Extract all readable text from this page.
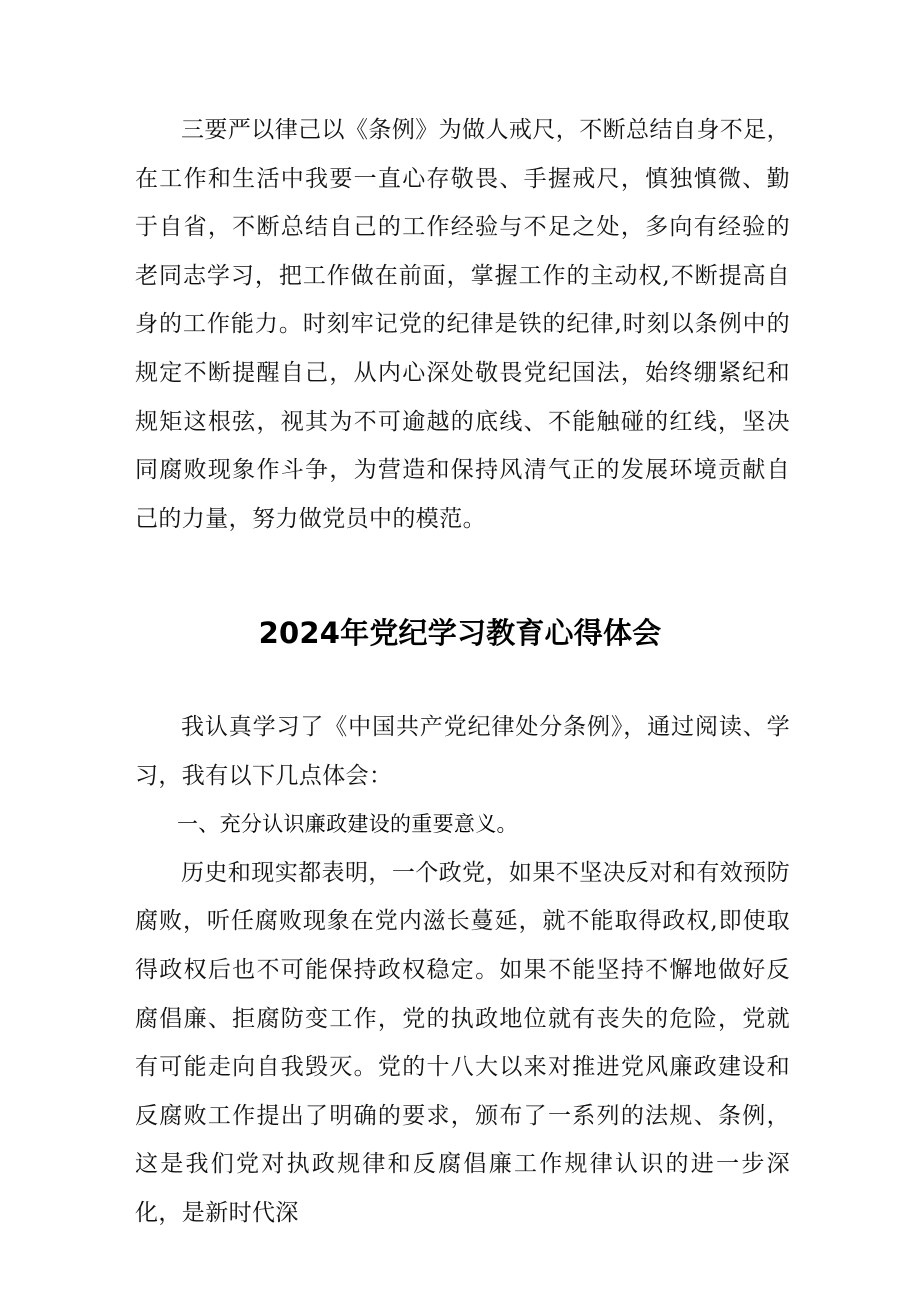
三要严以律己以《条例》为做人戒尺，不断总结自身不足，在工作和生活中我要一直心存敬畏、手握戒尺，慎独慎微、勤于自省，不断总结自己的工作经验与不足之处，多向有经验的老同志学习，把工作做在前面，掌握工作的主动权,不断提高自身的工作能力。时刻牢记党的纪律是铁的纪律,时刻以条例中的规定不断提醒自己，从内心深处敬畏党纪国法，始终绷紧纪和规矩这根弦，视其为不可逾越的底线、不能触碰的红线，坚决同腐败现象作斗争，为营造和保持风清气正的发展环境贡献自己的力量，努力做党员中的模范。

2024年党纪学习教育心得体会

我认真学习了《中国共产党纪律处分条例》，通过阅读、学习，我有以下几点体会：

一、充分认识廉政建设的重要意义。

历史和现实都表明，一个政党，如果不坚决反对和有效预防腐败，听任腐败现象在党内滋长蔓延，就不能取得政权,即使取得政权后也不可能保持政权稳定。如果不能坚持不懈地做好反腐倡廉、拒腐防变工作，党的执政地位就有丧失的危险，党就有可能走向自我毁灭。党的十八大以来对推进党风廉政建设和反腐败工作提出了明确的要求，颁布了一系列的法规、条例，这是我们党对执政规律和反腐倡廉工作规律认识的进一步深化，是新时代深
